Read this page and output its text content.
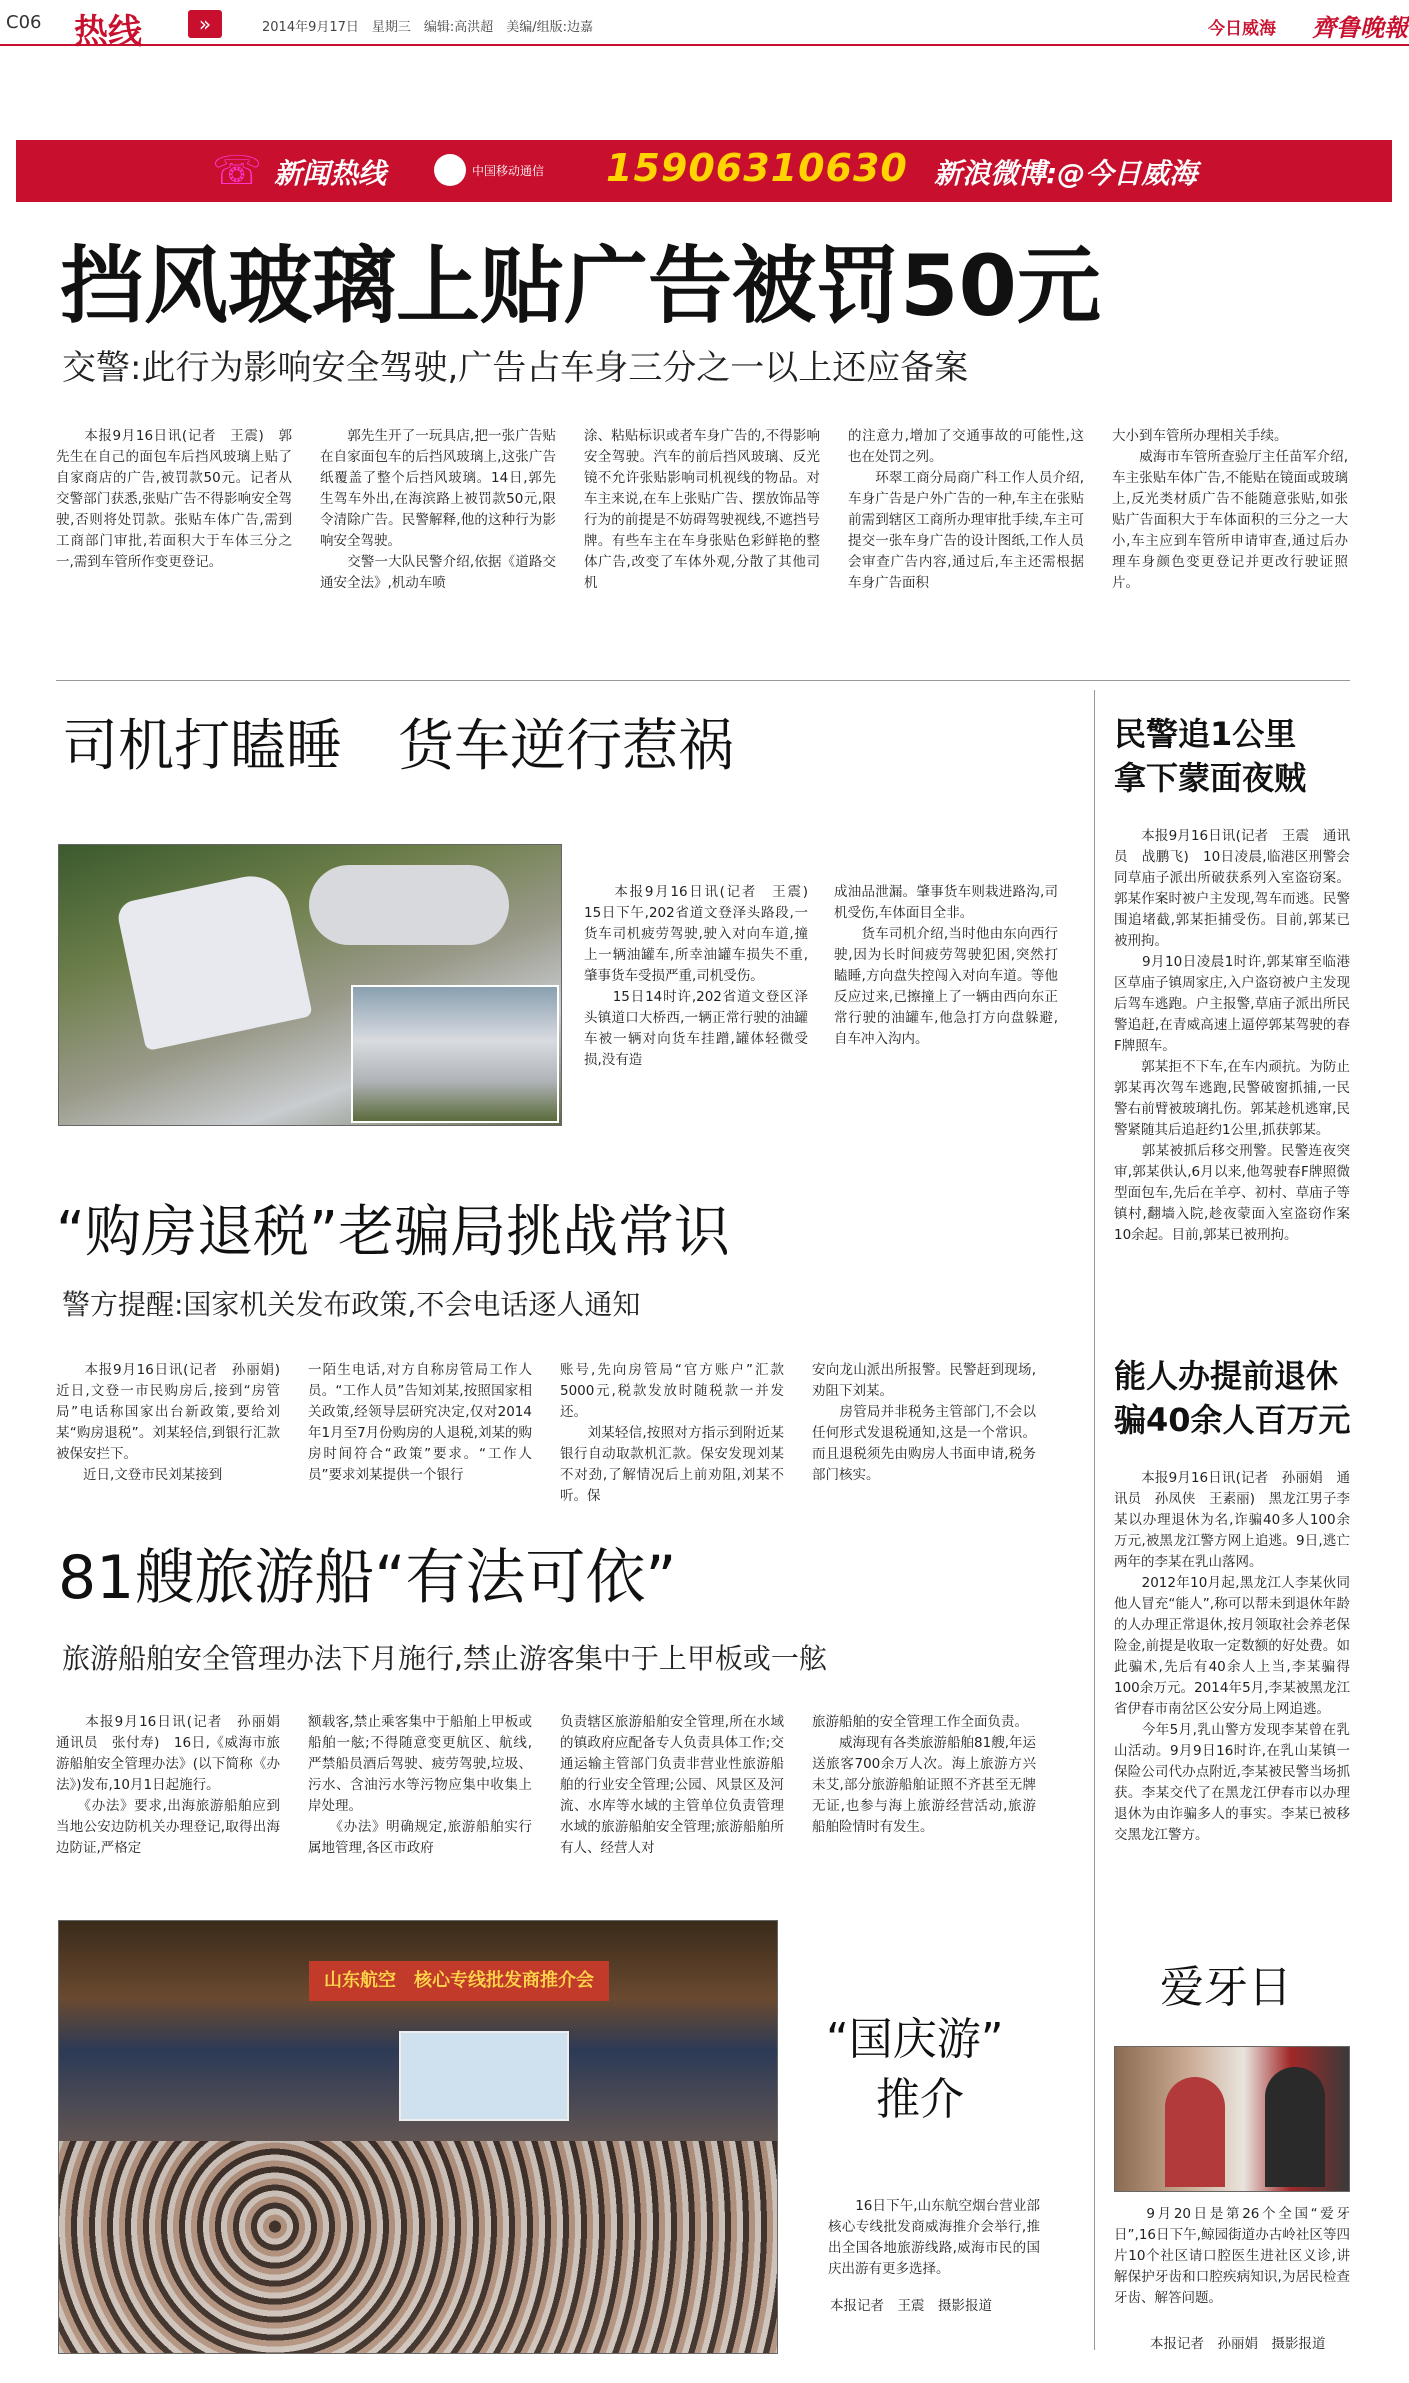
C06 热线	»	2014年9月17日　星期三　编辑:高洪超　美编/组版:边嘉	今日威海 齊鲁晚報
☏ 新闻热线	中国移动通信 15906310630 新浪微博:@今日威海
挡风玻璃上贴广告被罚50元
交警:此行为影响安全驾驶,广告占车身三分之一以上还应备案
　　本报9月16日讯(记者　王震)　郭先生在自己的面包车后挡风玻璃上贴了自家商店的广告,被罚款50元。记者从交警部门获悉,张贴广告不得影响安全驾驶,否则将处罚款。张贴车体广告,需到工商部门审批,若面积大于车体三分之一,需到车管所作变更登记。
　　郭先生开了一玩具店,把一张广告贴在自家面包车的后挡风玻璃上,这张广告纸覆盖了整个后挡风玻璃。14日,郭先生驾车外出,在海滨路上被罚款50元,限令清除广告。民警解释,他的这种行为影响安全驾驶。
　　交警一大队民警介绍,依据《道路交通安全法》,机动车喷
涂、粘贴标识或者车身广告的,不得影响安全驾驶。汽车的前后挡风玻璃、反光镜不允许张贴影响司机视线的物品。对车主来说,在车上张贴广告、摆放饰品等行为的前提是不妨碍驾驶视线,不遮挡号牌。有些车主在车身张贴色彩鲜艳的整体广告,改变了车体外观,分散了其他司机
的注意力,增加了交通事故的可能性,这也在处罚之列。
　　环翠工商分局商广科工作人员介绍,车身广告是户外广告的一种,车主在张贴前需到辖区工商所办理审批手续,车主可提交一张车身广告的设计图纸,工作人员会审查广告内容,通过后,车主还需根据车身广告面积
大小到车管所办理相关手续。
　　威海市车管所查验厅主任苗军介绍,车主张贴车体广告,不能贴在镜面或玻璃上,反光类材质广告不能随意张贴,如张贴广告面积大于车体面积的三分之一大小,车主应到车管所申请审查,通过后办理车身颜色变更登记并更改行驶证照片。
司机打瞌睡　货车逆行惹祸
　　本报9月16日讯(记者　王震)　15日下午,202省道文登泽头路段,一货车司机疲劳驾驶,驶入对向车道,撞上一辆油罐车,所幸油罐车损失不重,肇事货车受损严重,司机受伤。
　　15日14时许,202省道文登区泽头镇道口大桥西,一辆正常行驶的油罐车被一辆对向货车挂蹭,罐体轻微受损,没有造
成油品泄漏。肇事货车则栽进路沟,司机受伤,车体面目全非。
　　货车司机介绍,当时他由东向西行驶,因为长时间疲劳驾驶犯困,突然打瞌睡,方向盘失控闯入对向车道。等他反应过来,已擦撞上了一辆由西向东正常行驶的油罐车,他急打方向盘躲避,自车冲入沟内。
“购房退税”老骗局挑战常识
警方提醒:国家机关发布政策,不会电话逐人通知
　　本报9月16日讯(记者　孙丽娟)　近日,文登一市民购房后,接到“房管局”电话称国家出台新政策,要给刘某“购房退税”。刘某轻信,到银行汇款被保安拦下。
　　近日,文登市民刘某接到
一陌生电话,对方自称房管局工作人员。“工作人员”告知刘某,按照国家相关政策,经领导层研究决定,仅对2014年1月至7月份购房的人退税,刘某的购房时间符合“政策”要求。“工作人员”要求刘某提供一个银行
账号,先向房管局“官方账户”汇款5000元,税款发放时随税款一并发还。
　　刘某轻信,按照对方指示到附近某银行自动取款机汇款。保安发现刘某不对劲,了解情况后上前劝阻,刘某不听。保
安向龙山派出所报警。民警赶到现场,劝阻下刘某。
　　房管局并非税务主管部门,不会以任何形式发退税通知,这是一个常识。而且退税须先由购房人书面申请,税务部门核实。
81艘旅游船“有法可依”
旅游船舶安全管理办法下月施行,禁止游客集中于上甲板或一舷
　　本报9月16日讯(记者　孙丽娟　通讯员　张付寿)　16日,《威海市旅游船舶安全管理办法》(以下简称《办法》)发布,10月1日起施行。
　　《办法》要求,出海旅游船舶应到当地公安边防机关办理登记,取得出海边防证,严格定
额载客,禁止乘客集中于船舶上甲板或船舶一舷;不得随意变更航区、航线,严禁船员酒后驾驶、疲劳驾驶,垃圾、污水、含油污水等污物应集中收集上岸处理。
　　《办法》明确规定,旅游船舶实行属地管理,各区市政府
负责辖区旅游船舶安全管理,所在水域的镇政府应配备专人负责具体工作;交通运输主管部门负责非营业性旅游船舶的行业安全管理;公园、风景区及河流、水库等水域的主管单位负责管理水域的旅游船舶安全管理;旅游船舶所有人、经营人对
旅游船舶的安全管理工作全面负责。
　　威海现有各类旅游船舶81艘,年运送旅客700余万人次。海上旅游方兴未艾,部分旅游船舶证照不齐甚至无牌无证,也参与海上旅游经营活动,旅游船舶险情时有发生。
山东航空　核心专线批发商推介会
“国庆游”
推介
　　16日下午,山东航空烟台营业部核心专线批发商威海推介会举行,推出全国各地旅游线路,威海市民的国庆出游有更多选择。
本报记者　王震　摄影报道
民警追1公里
拿下蒙面夜贼
　　本报9月16日讯(记者　王震　通讯员　战鹏飞)　10日凌晨,临港区刑警会同草庙子派出所破获系列入室盗窃案。郭某作案时被户主发现,驾车而逃。民警围追堵截,郭某拒捕受伤。目前,郭某已被刑拘。
　　9月10日凌晨1时许,郭某窜至临港区草庙子镇周家庄,入户盗窃被户主发现后驾车逃跑。户主报警,草庙子派出所民警追赶,在青威高速上逼停郭某驾驶的春F牌照车。
　　郭某拒不下车,在车内顽抗。为防止郭某再次驾车逃跑,民警破窗抓捕,一民警右前臂被玻璃扎伤。郭某趁机逃窜,民警紧随其后追赶约1公里,抓获郭某。
　　郭某被抓后移交刑警。民警连夜突审,郭某供认,6月以来,他驾驶春F牌照微型面包车,先后在羊亭、初村、草庙子等镇村,翻墙入院,趁夜蒙面入室盗窃作案10余起。目前,郭某已被刑拘。
能人办提前退休
骗40余人百万元
　　本报9月16日讯(记者　孙丽娟　通讯员　孙凤侠　王素丽)　黑龙江男子李某以办理退休为名,诈骗40多人100余万元,被黑龙江警方网上追逃。9日,逃亡两年的李某在乳山落网。
　　2012年10月起,黑龙江人李某伙同他人冒充“能人”,称可以帮未到退休年龄的人办理正常退休,按月领取社会养老保险金,前提是收取一定数额的好处费。如此骗术,先后有40余人上当,李某骗得100余万元。2014年5月,李某被黑龙江省伊春市南岔区公安分局上网追逃。
　　今年5月,乳山警方发现李某曾在乳山活动。9月9日16时许,在乳山某镇一保险公司代办点附近,李某被民警当场抓获。李某交代了在黑龙江伊春市以办理退休为由诈骗多人的事实。李某已被移交黑龙江警方。
爱牙日
　　9月20日是第26个全国“爱牙日”,16日下午,鲸园街道办古岭社区等四片10个社区请口腔医生进社区义诊,讲解保护牙齿和口腔疾病知识,为居民检查牙齿、解答问题。
本报记者　孙丽娟　摄影报道
